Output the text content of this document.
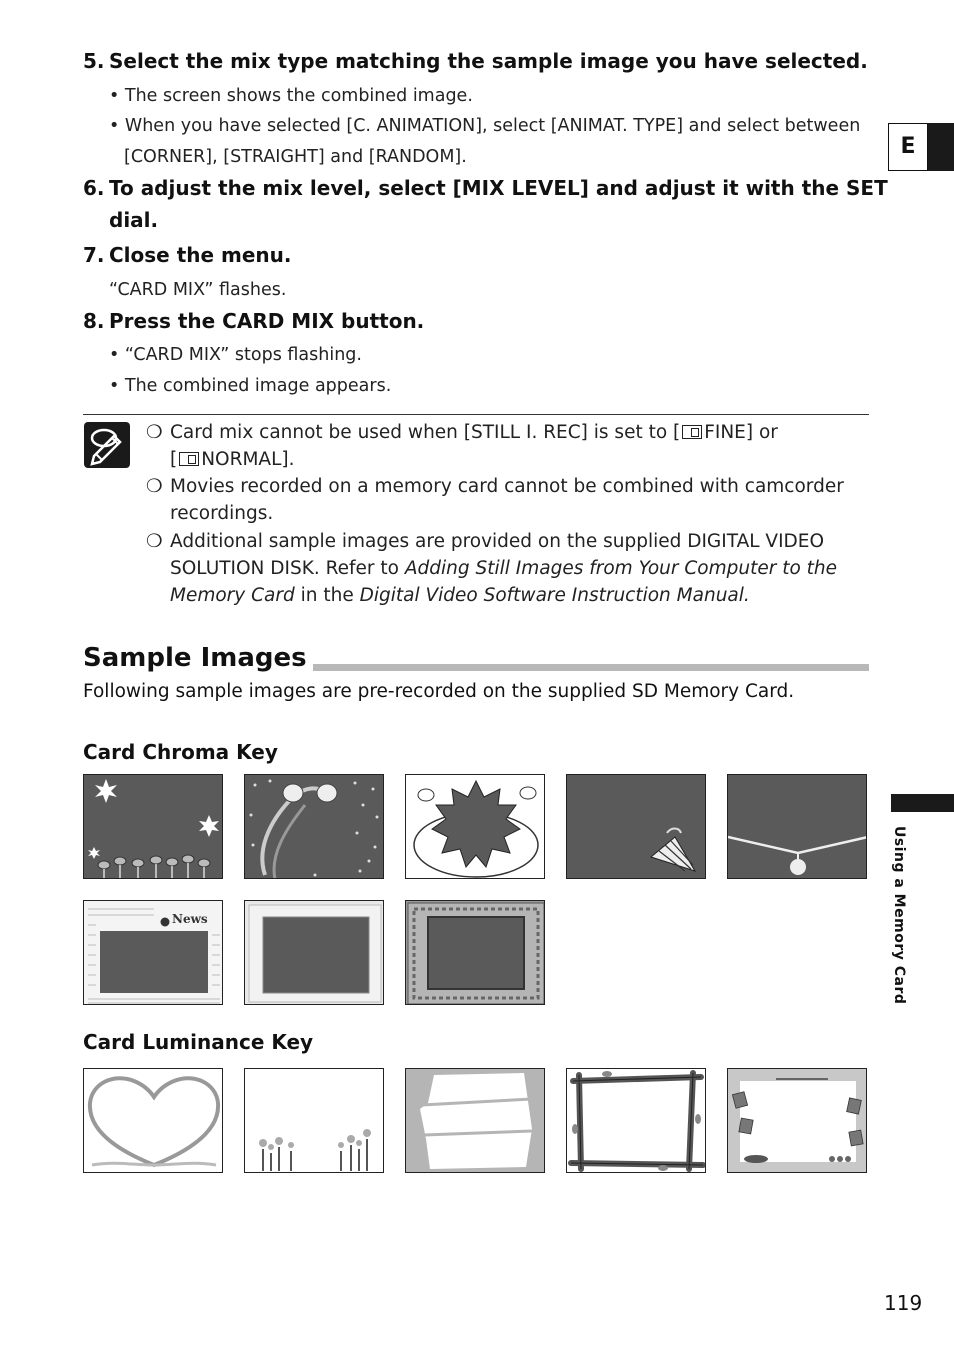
5. Select the mix type matching the sample image you have selected.
• The screen shows the combined image.
• When you have selected [C. ANIMATION], select [ANIMAT. TYPE] and select between
[CORNER], [STRAIGHT] and [RANDOM].
6. To adjust the mix level, select [MIX LEVEL] and adjust it with the SET
dial.
7. Close the menu.
“CARD MIX” flashes.
8. Press the CARD MIX button.
• “CARD MIX” stops flashing.
• The combined image appears.
❍ Card mix cannot be used when [STILL I. REC] is set to [ FINE] or
[ NORMAL].
❍ Movies recorded on a memory card cannot be combined with camcorder
recordings.
❍ Additional sample images are provided on the supplied DIGITAL VIDEO
SOLUTION DISK. Refer to Adding Still Images from Your Computer to the
Memory Card in the Digital Video Software Instruction Manual.
Sample Images
Following sample images are pre-recorded on the supplied SD Memory Card.
Card Chroma Key
News
Card Luminance Key
E
Using a Memory Card
119
